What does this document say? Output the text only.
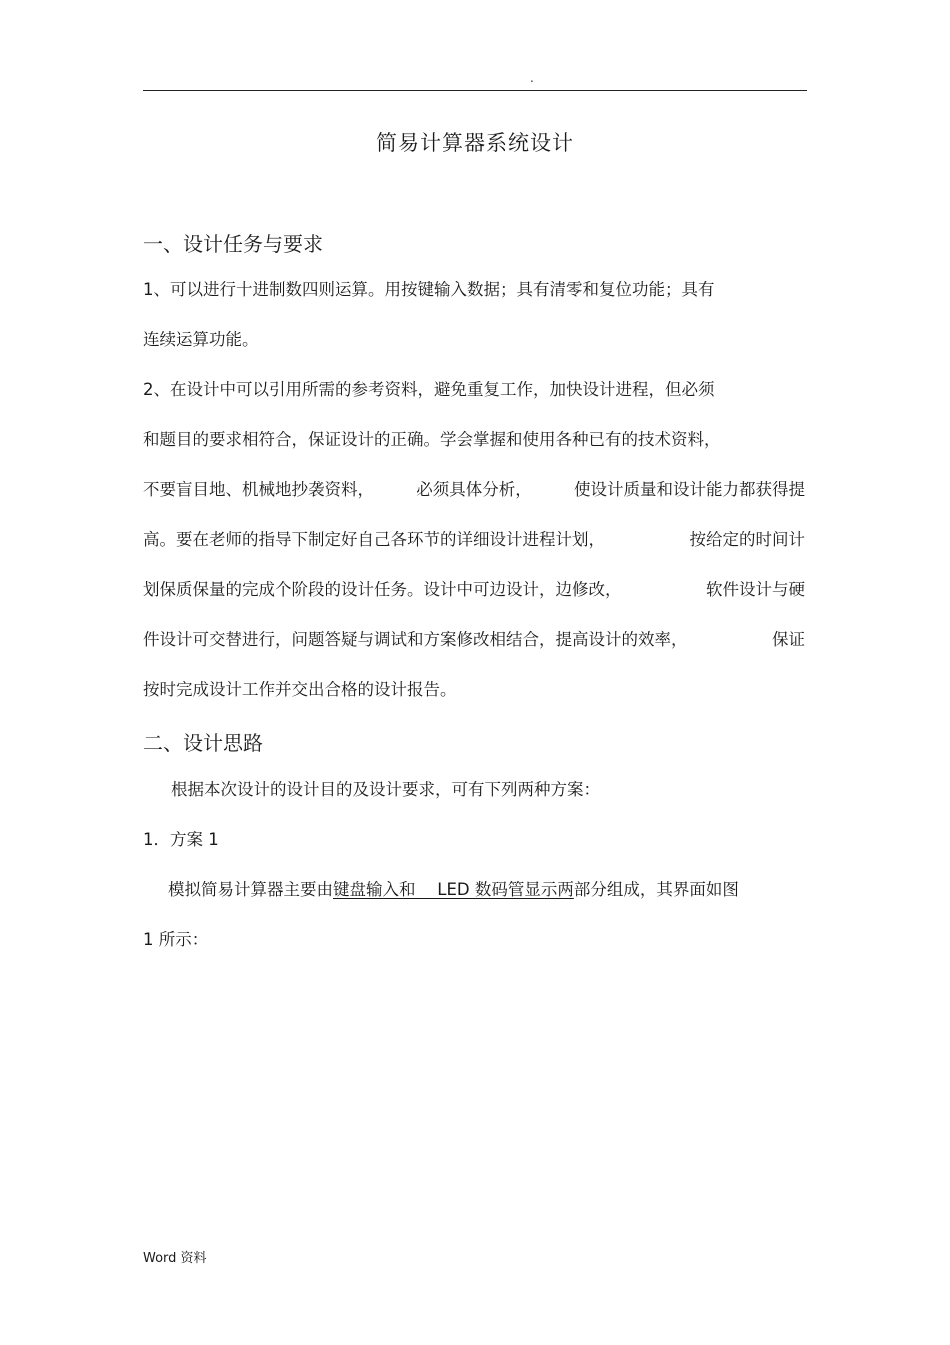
.
简易计算器系统设计
一、设计任务与要求
1、可以进行十进制数四则运算。用按键输入数据；具有清零和复位功能；具有
连续运算功能。
2、在设计中可以引用所需的参考资料，避免重复工作，加快设计进程，但必须
和题目的要求相符合，保证设计的正确。学会掌握和使用各种已有的技术资料，
不要盲目地、机械地抄袭资料，	必须具体分析，	使设计质量和设计能力都获得提
高。要在老师的指导下制定好自己各环节的详细设计进程计划，	按给定的时间计
划保质保量的完成个阶段的设计任务。设计中可边设计，边修改，	软件设计与硬
件设计可交替进行，问题答疑与调试和方案修改相结合，提高设计的效率，	保证
按时完成设计工作并交出合格的设计报告。
二、设计思路
根据本次设计的设计目的及设计要求，可有下列两种方案：
1．方案 1
模拟简易计算器主要由键盘输入和　 LED 数码管显示两部分组成，其界面如图
1 所示：
Word 资料
